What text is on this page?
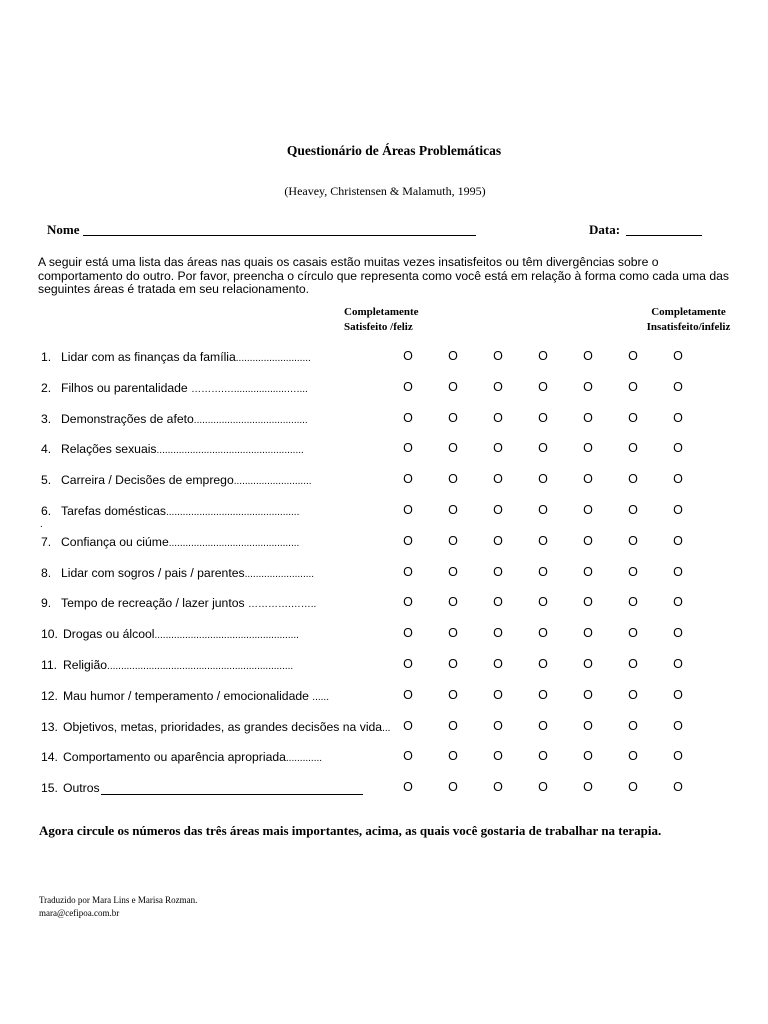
Questionário de Áreas Problemáticas
(Heavey, Christensen & Malamuth, 1995)
Nome	Data:
A seguir está uma lista das áreas nas quais os casais estão muitas vezes insatisfeitos ou têm divergências sobre o comportamento do outro. Por favor, preencha o círculo que representa como você está em relação à forma como cada uma das seguintes áreas é tratada em seu relacionamento.
Completamente
Satisfeito /feliz
Completamente
Insatisfeito/infeliz
1. Lidar com as finanças da família...........................	O	O	O	O	O	O	O
2. Filhos ou parentalidade ……….…...................…....	O	O	O	O	O	O	O
3. Demonstrações de afeto.........................................	O	O	O	O	O	O	O
4. Relações sexuais.....................................................	O	O	O	O	O	O	O
5. Carreira / Decisões de emprego............................	O	O	O	O	O	O	O
6. Tarefas domésticas................................................	O	O	O	O	O	O	O
7. Confiança ou ciúme...............................................	O	O	O	O	O	O	O
8. Lidar com sogros / pais / parentes.........................	O	O	O	O	O	O	O
9. Tempo de recreação / lazer juntos ………….……..	O	O	O	O	O	O	O
10. Drogas ou álcool....................................................	O	O	O	O	O	O	O
11. Religião...................................................................	O	O	O	O	O	O	O
12. Mau humor / temperamento / emocionalidade ......	O	O	O	O	O	O	O
13. Objetivos, metas, prioridades, as grandes decisões na vida... O	O	O	O	O	O	O
14. Comportamento ou aparência apropriada.............	O	O	O	O	O	O	O
15. Outros	O	O	O	O	O	O	O
.
Agora circule os números das três áreas mais importantes, acima, as quais você gostaria de trabalhar na terapia.
Traduzido por Mara Lins e Marisa Rozman.
mara@cefipoa.com.br
